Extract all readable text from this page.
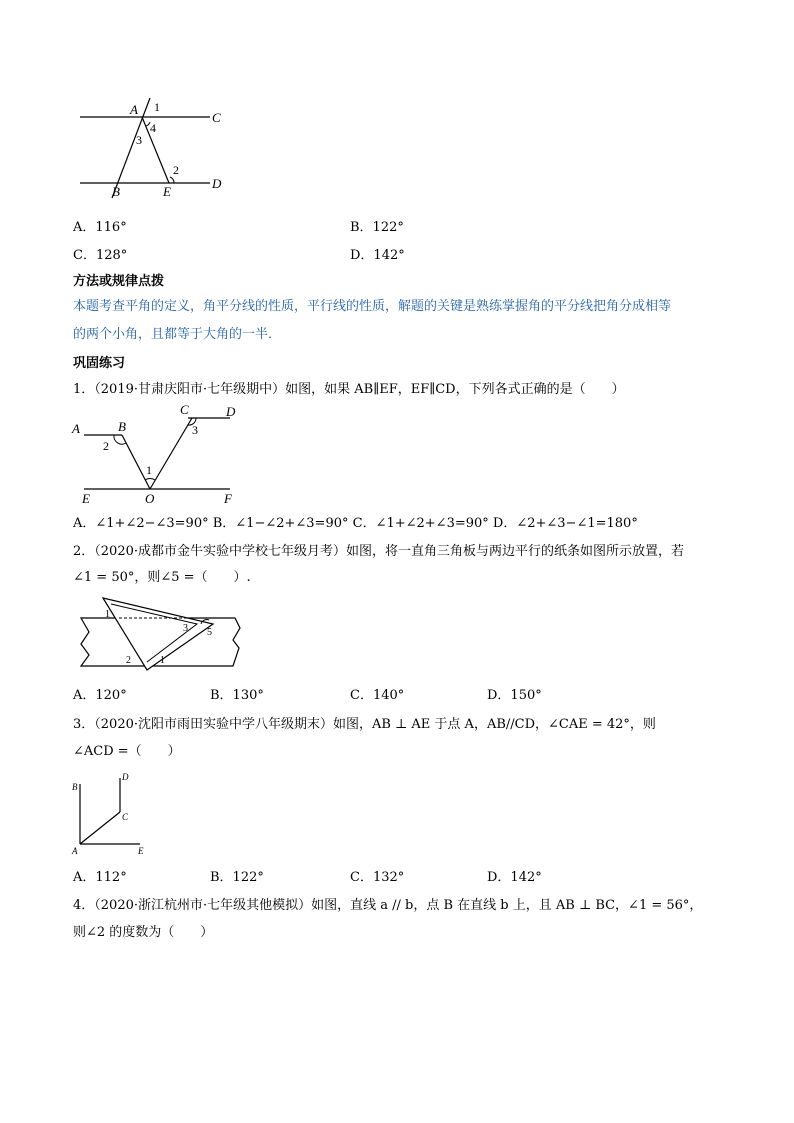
A 1
4
C
3
2
B	E
D
A．116°	B．122°
C．128°	D．142°
方法或规律点拨
本题考查平角的定义，角平分线的性质，平行线的性质，解题的关键是熟练掌握角的平分线把角分成相等
的两个小角，且都等于大角的一半．
巩固练习
1．（2019·甘肃庆阳市·七年级期中）如图，如果 AB∥EF，EF∥CD，下列各式正确的是（　　）
C	D
A	B	3
2
1
E	O	F
A．∠1+∠2−∠3=90° B．∠1−∠2+∠3=90° C．∠1+∠2+∠3=90° D．∠2+∠3−∠1=180°
2．（2020·成都市金牛实验中学校七年级月考）如图，将一直角三角板与两边平行的纸条如图所示放置，若
∠1 = 50°，则∠5 =（　　）.
1
3 5
2	1
A．120°	B．130°	C．140°	D．150°
3．（2020·沈阳市雨田实验中学八年级期末）如图，AB ⊥ AE 于点 A，AB//CD，∠CAE = 42°，则
∠ACD =（　　）
D
B
C
A	E
A．112°	B．122°	C．132°	D．142°
4．（2020·浙江杭州市·七年级其他模拟）如图，直线 a // b，点 B 在直线 b 上，且 AB ⊥ BC，∠1 = 56°，
则∠2 的度数为（　　）
